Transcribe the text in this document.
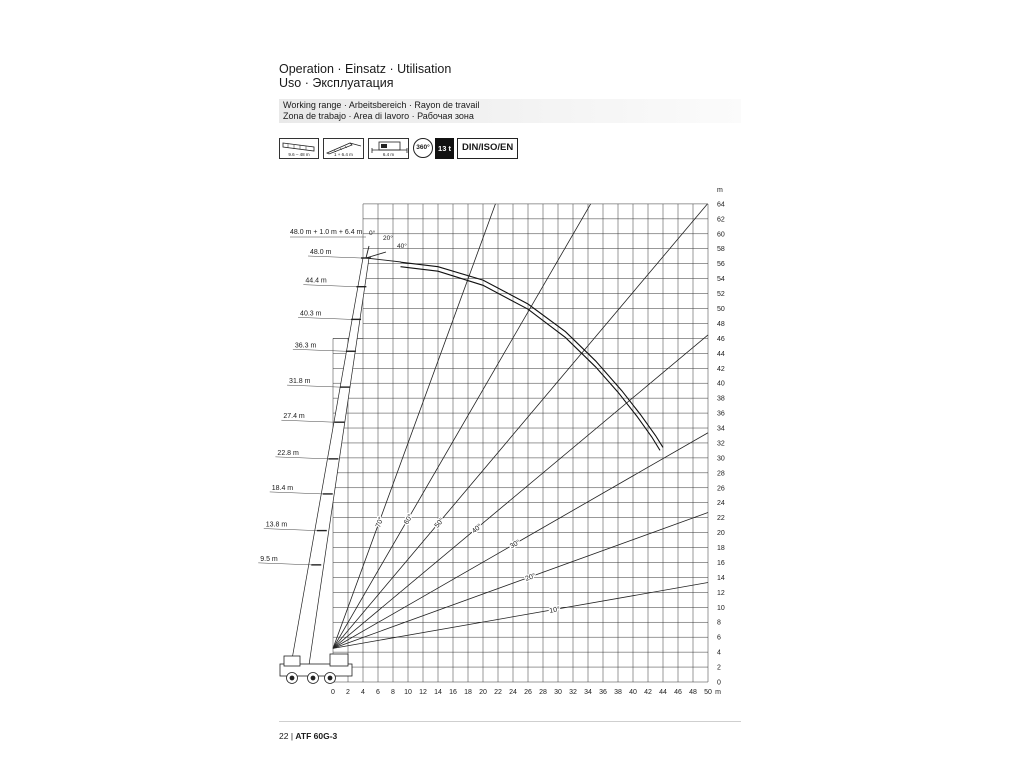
Operation · Einsatz · Utilisation
Uso · Эксплуатация
Working range · Arbeitsbereich · Rayon de travail
Zona de trabajo · Area di lavoro · Рабочая зона
9.6 – 48 m	1 + 6.4 m	6.4 m
360°	13 t	DIN/ISO/EN
0 2 4 6 8 10 12 14 16 18 20 22 24 26 28 30 32 34 36 38 40 42 44 46 48 50 m
0
2
4
6
8
10
12
14
16
18
20
22
24
26
28
30
32
34
36
38
40
42
44
46
48
50
52
54
56
58
60
62
64
m
10°
20°
30°
40°
50°
60°
70°
9.5 m
13.8 m
18.4 m
22.8 m
27.4 m
31.8 m
36.3 m
40.3 m
44.4 m
48.0 m
48.0 m + 1.0 m + 6.4 m 0°
20°
40°
22 | ATF 60G-3
